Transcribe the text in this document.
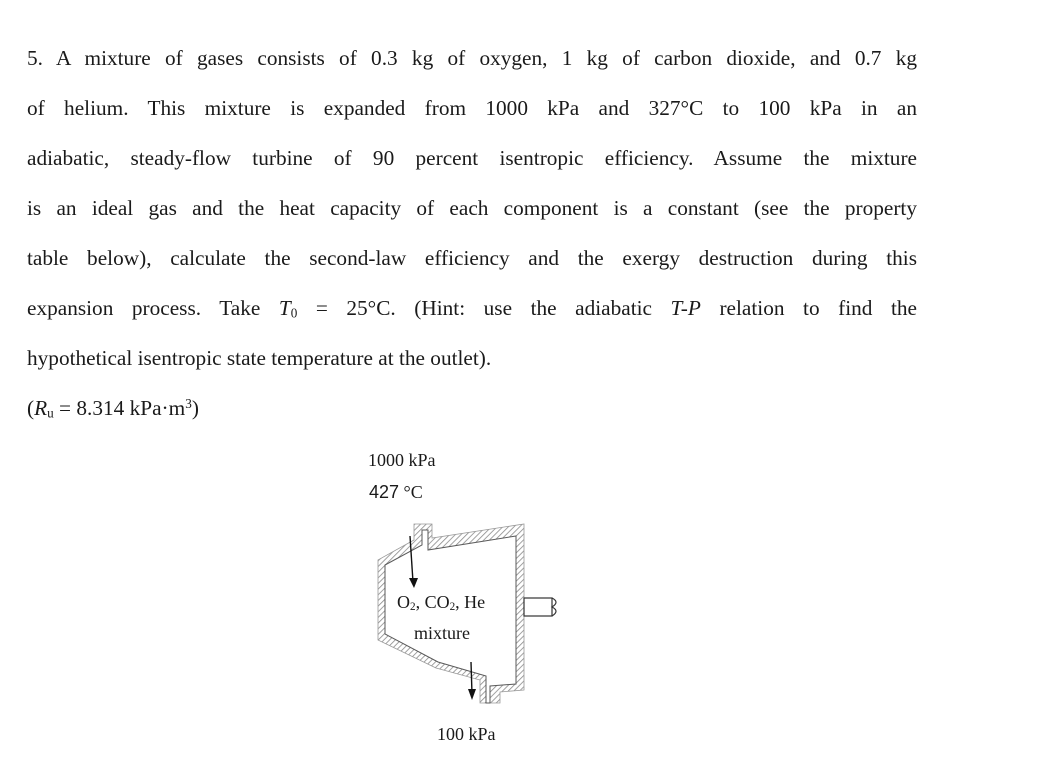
5. A mixture of gases consists of 0.3 kg of oxygen, 1 kg of carbon dioxide, and 0.7 kg
of helium. This mixture is expanded from 1000 kPa and 327°C to 100 kPa in an
adiabatic, steady-flow turbine of 90 percent isentropic efficiency. Assume the mixture
is an ideal gas and the heat capacity of each component is a constant (see the property
table below), calculate the second-law efficiency and the exergy destruction during this
expansion process. Take $T_0 = 25^\circ C$. (Hint: use the adiabatic T-P relation to find the
hypothetical isentropic state temperature at the outlet).
($R_u = 8.314$ $kPa\cdot m^3$)
1000 kPa
427 °C
$O_2$, $CO_2$, He
mixture
100 kPa
